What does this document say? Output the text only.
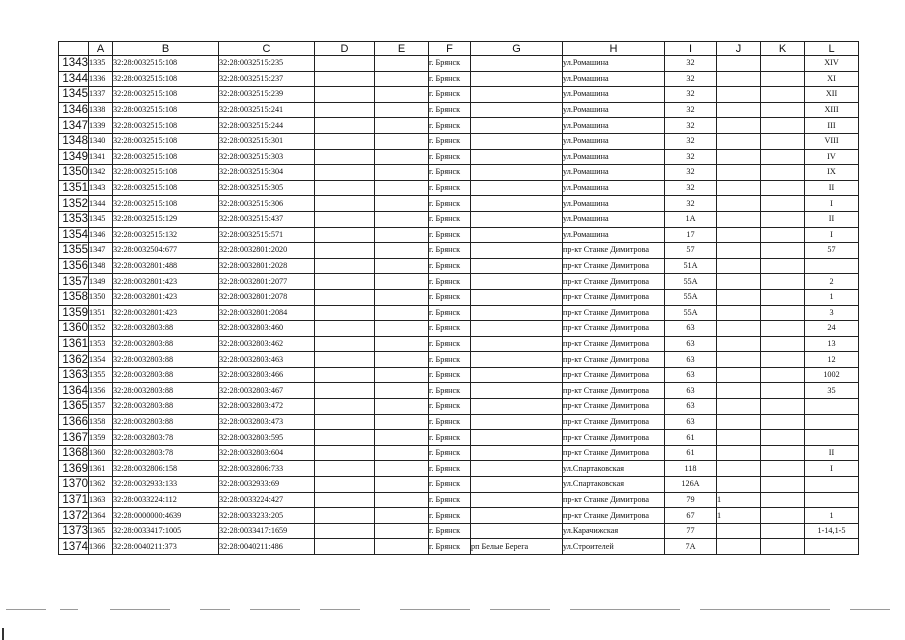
	A	B	C	D	E	F	G	H	I	J	K	L
1343	1335	32:28:0032515:108	32:28:0032515:235			г. Брянск		ул.Ромашина	32			XIV
1344	1336	32:28:0032515:108	32:28:0032515:237			г. Брянск		ул.Ромашина	32			XI
1345	1337	32:28:0032515:108	32:28:0032515:239			г. Брянск		ул.Ромашина	32			XII
1346	1338	32:28:0032515:108	32:28:0032515:241			г. Брянск		ул.Ромашина	32			XIII
1347	1339	32:28:0032515:108	32:28:0032515:244			г. Брянск		ул.Ромашина	32			III
1348	1340	32:28:0032515:108	32:28:0032515:301			г. Брянск		ул.Ромашина	32			VIII
1349	1341	32:28:0032515:108	32:28:0032515:303			г. Брянск		ул.Ромашина	32			IV
1350	1342	32:28:0032515:108	32:28:0032515:304			г. Брянск		ул.Ромашина	32			IX
1351	1343	32:28:0032515:108	32:28:0032515:305			г. Брянск		ул.Ромашина	32			II
1352	1344	32:28:0032515:108	32:28:0032515:306			г. Брянск		ул.Ромашина	32			I
1353	1345	32:28:0032515:129	32:28:0032515:437			г. Брянск		ул.Ромашина	1А			II
1354	1346	32:28:0032515:132	32:28:0032515:571			г. Брянск		ул.Ромашина	17			I
1355	1347	32:28:0032504:677	32:28:0032801:2020			г. Брянск		пр-кт Станке Димитрова	57			57
1356	1348	32:28:0032801:488	32:28:0032801:2028			г. Брянск		пр-кт Станке Димитрова	51А			
1357	1349	32:28:0032801:423	32:28:0032801:2077			г. Брянск		пр-кт Станке Димитрова	55А			2
1358	1350	32:28:0032801:423	32:28:0032801:2078			г. Брянск		пр-кт Станке Димитрова	55А			1
1359	1351	32:28:0032801:423	32:28:0032801:2084			г. Брянск		пр-кт Станке Димитрова	55А			3
1360	1352	32:28:0032803:88	32:28:0032803:460			г. Брянск		пр-кт Станке Димитрова	63			24
1361	1353	32:28:0032803:88	32:28:0032803:462			г. Брянск		пр-кт Станке Димитрова	63			13
1362	1354	32:28:0032803:88	32:28:0032803:463			г. Брянск		пр-кт Станке Димитрова	63			12
1363	1355	32:28:0032803:88	32:28:0032803:466			г. Брянск		пр-кт Станке Димитрова	63			1002
1364	1356	32:28:0032803:88	32:28:0032803:467			г. Брянск		пр-кт Станке Димитрова	63			35
1365	1357	32:28:0032803:88	32:28:0032803:472			г. Брянск		пр-кт Станке Димитрова	63			
1366	1358	32:28:0032803:88	32:28:0032803:473			г. Брянск		пр-кт Станке Димитрова	63			
1367	1359	32:28:0032803:78	32:28:0032803:595			г. Брянск		пр-кт Станке Димитрова	61			
1368	1360	32:28:0032803:78	32:28:0032803:604			г. Брянск		пр-кт Станке Димитрова	61			II
1369	1361	32:28:0032806:158	32:28:0032806:733			г. Брянск		ул.Спартаковская	118			I
1370	1362	32:28:0032933:133	32:28:0032933:69			г. Брянск		ул.Спартаковская	126А			
1371	1363	32:28:0033224:112	32:28:0033224:427			г. Брянск		пр-кт Станке Димитрова	79	1		
1372	1364	32:28:0000000:4639	32:28:0033233:205			г. Брянск		пр-кт Станке Димитрова	67	1		1
1373	1365	32:28:0033417:1005	32:28:0033417:1659			г. Брянск		ул.Карачижская	77			1-14,1-5
1374	1366	32:28:0040211:373	32:28:0040211:486			г. Брянск	рп Белые Берега	ул.Строителей	7А			
